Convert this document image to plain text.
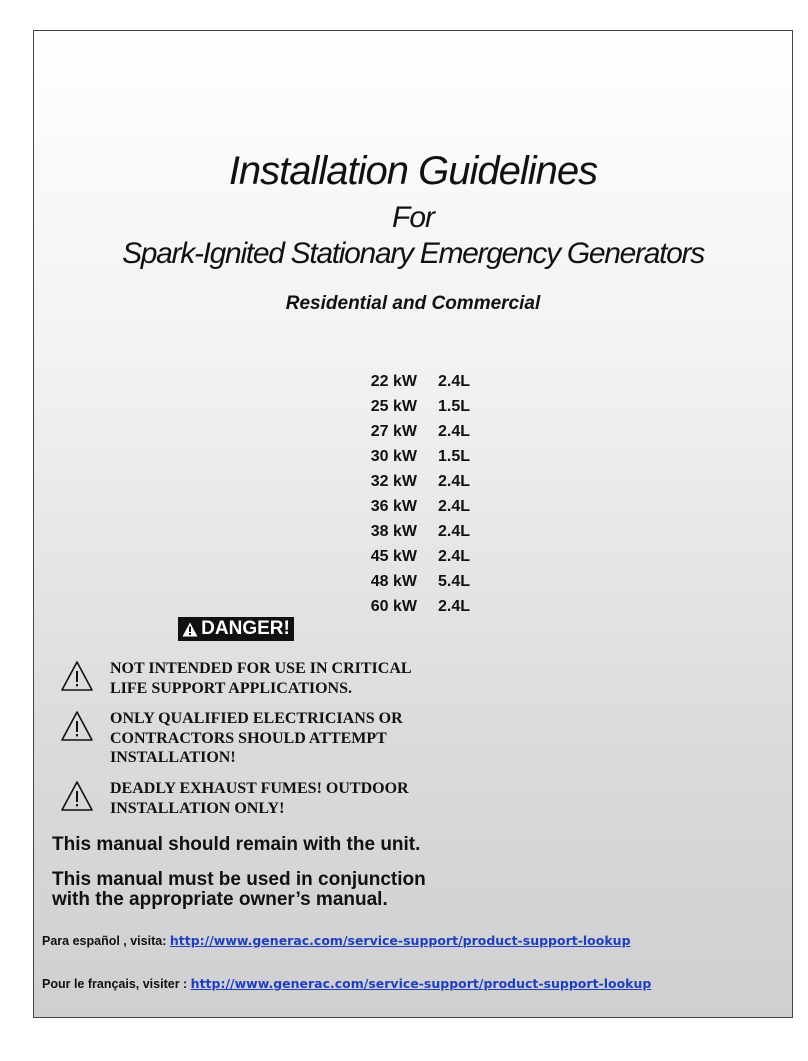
Installation Guidelines
For
Spark-Ignited Stationary Emergency Generators
Residential and Commercial
22 kW 2.4L
25 kW 1.5L
27 kW 2.4L
30 kW 1.5L
32 kW 2.4L
36 kW 2.4L
38 kW 2.4L
45 kW 2.4L
48 kW 5.4L
60 kW 2.4L
DANGER!
NOT INTENDED FOR USE IN CRITICAL
LIFE SUPPORT APPLICATIONS.
ONLY QUALIFIED ELECTRICIANS OR
CONTRACTORS SHOULD ATTEMPT
INSTALLATION!
DEADLY EXHAUST FUMES! OUTDOOR
INSTALLATION ONLY!
This manual should remain with the unit.
This manual must be used in conjunction
with the appropriate owner’s manual.
Para español , visita: http://www.generac.com/service-support/product-support-lookup
Pour le français, visiter : http://www.generac.com/service-support/product-support-lookup
